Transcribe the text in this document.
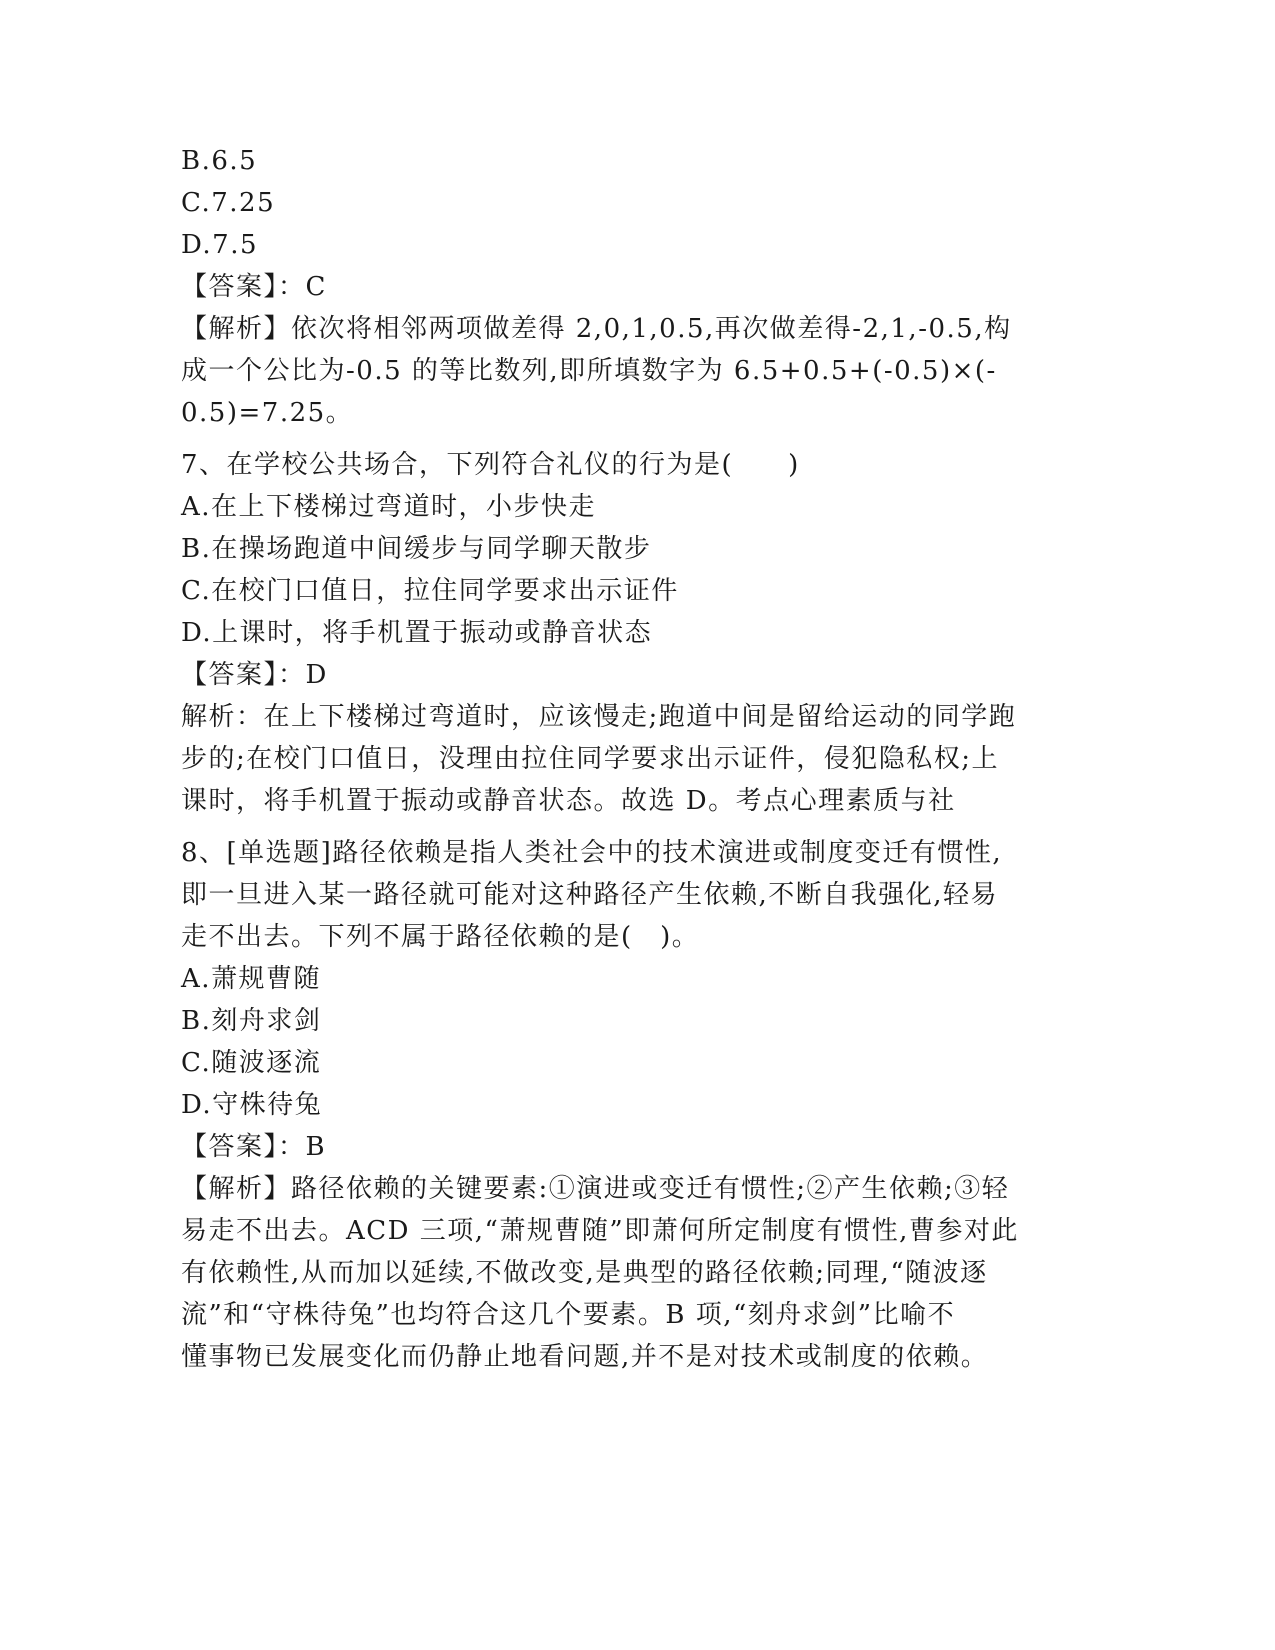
B.6.5
C.7.25
D.7.5
【答案】：C
【解析】依次将相邻两项做差得 2,0,1,0.5,再次做差得-2,1,-0.5,构
成一个公比为-0.5 的等比数列,即所填数字为 6.5+0.5+(-0.5)×(-
0.5)=7.25。
7、在学校公共场合，下列符合礼仪的行为是(　　)
A.在上下楼梯过弯道时，小步快走
B.在操场跑道中间缓步与同学聊天散步
C.在校门口值日，拉住同学要求出示证件
D.上课时，将手机置于振动或静音状态
【答案】：D
解析：在上下楼梯过弯道时，应该慢走;跑道中间是留给运动的同学跑
步的;在校门口值日，没理由拉住同学要求出示证件，侵犯隐私权;上
课时，将手机置于振动或静音状态。故选 D。考点心理素质与社
8、[单选题]路径依赖是指人类社会中的技术演进或制度变迁有惯性,
即一旦进入某一路径就可能对这种路径产生依赖,不断自我强化,轻易
走不出去。下列不属于路径依赖的是(　)。
A.萧规曹随
B.刻舟求剑
C.随波逐流
D.守株待兔
【答案】：B
【解析】路径依赖的关键要素:①演进或变迁有惯性;②产生依赖;③轻
易走不出去。ACD 三项,“萧规曹随”即萧何所定制度有惯性,曹参对此
有依赖性,从而加以延续,不做改变,是典型的路径依赖;同理,“随波逐
流”和“守株待兔”也均符合这几个要素。B 项,“刻舟求剑”比喻不
懂事物已发展变化而仍静止地看问题,并不是对技术或制度的依赖。
